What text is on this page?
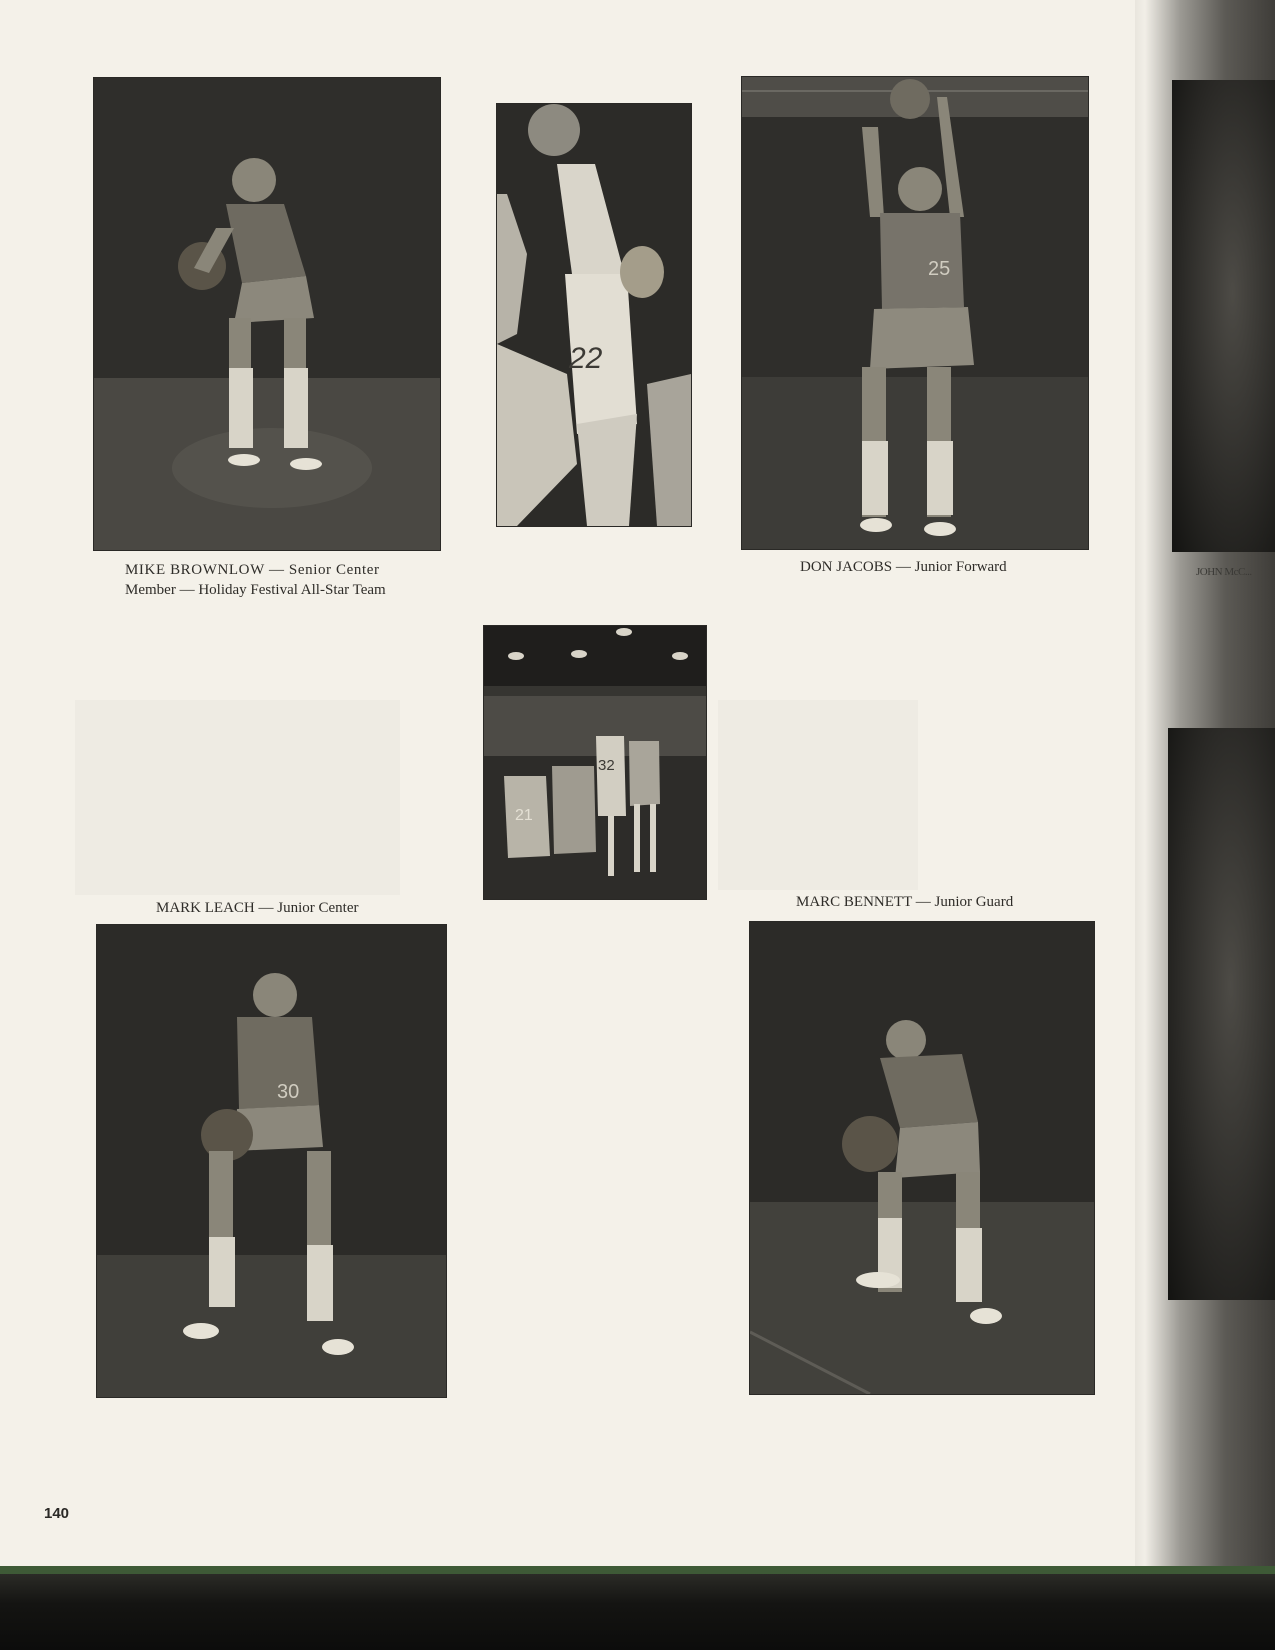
22
25
MIKE BROWNLOW — Senior Center
Member — Holiday Festival All-Star Team
DON JACOBS — Junior Forward
21
32
MARK LEACH — Junior Center	MARC BENNETT — Junior Guard
30
140
JOHN McC...
